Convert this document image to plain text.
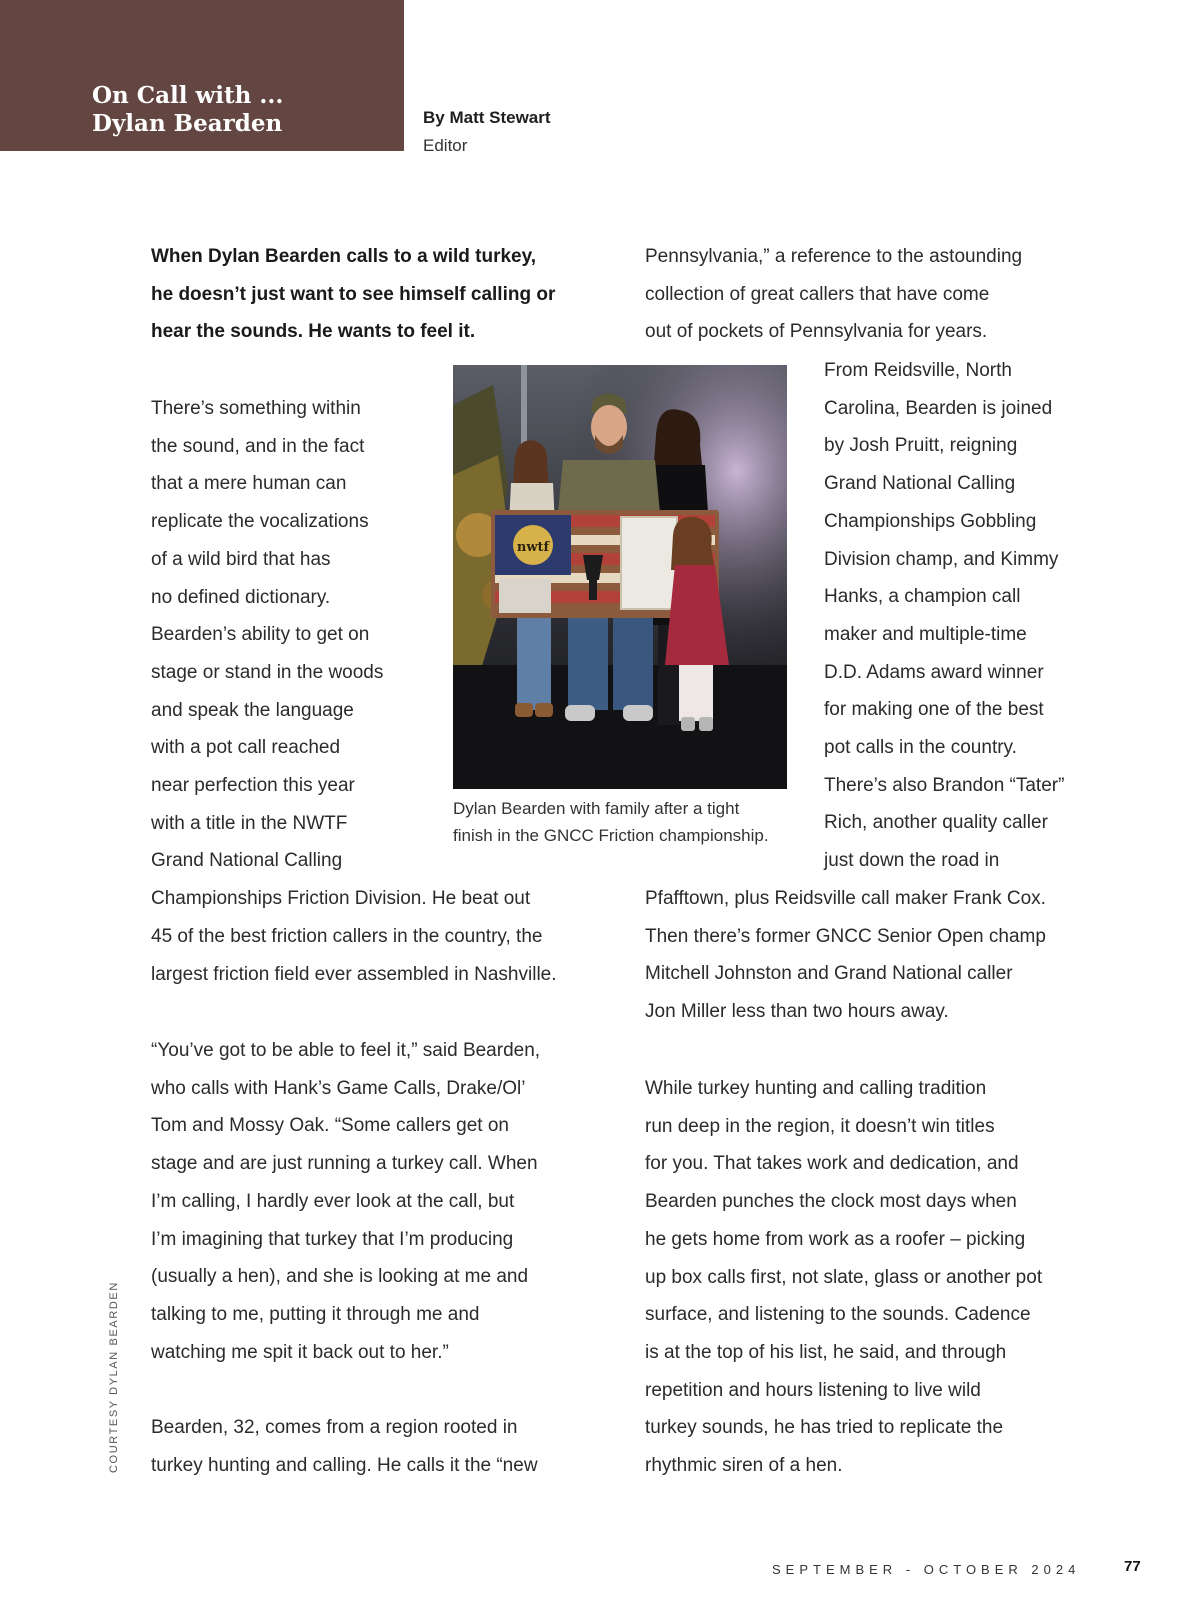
On Call with ...
Dylan Bearden	By Matt Stewart
Editor

When Dylan Bearden calls to a wild turkey,
he doesn’t just want to see himself calling or
hear the sounds. He wants to feel it.

There’s something within
the sound, and in the fact
that a mere human can
replicate the vocalizations
of a wild bird that has
no defined dictionary.
Bearden’s ability to get on
stage or stand in the woods
and speak the language
with a pot call reached
near perfection this year
with a title in the NWTF
Grand National Calling
Championships Friction Division. He beat out
45 of the best friction callers in the country, the
largest friction field ever assembled in Nashville.

“You’ve got to be able to feel it,” said Bearden,
who calls with Hank’s Game Calls, Drake/Ol’
Tom and Mossy Oak. “Some callers get on
stage and are just running a turkey call. When
I’m calling, I hardly ever look at the call, but
I’m imagining that turkey that I’m producing
(usually a hen), and she is looking at me and
talking to me, putting it through me and
watching me spit it back out to her.”

Bearden, 32, comes from a region rooted in
turkey hunting and calling. He calls it the “new

Pennsylvania,” a reference to the astounding
collection of great callers that have come
out of pockets of Pennsylvania for years.

From Reidsville, North
Carolina, Bearden is joined
by Josh Pruitt, reigning
Grand National Calling
Championships Gobbling
Division champ, and Kimmy
Hanks, a champion call
maker and multiple-time
D.D. Adams award winner
for making one of the best
pot calls in the country.
There’s also Brandon “Tater”
Rich, another quality caller
just down the road in

Pfafftown, plus Reidsville call maker Frank Cox.
Then there’s former GNCC Senior Open champ
Mitchell Johnston and Grand National caller
Jon Miller less than two hours away.

While turkey hunting and calling tradition
run deep in the region, it doesn’t win titles
for you. That takes work and dedication, and
Bearden punches the clock most days when
he gets home from work as a roofer – picking
up box calls first, not slate, glass or another pot
surface, and listening to the sounds. Cadence
is at the top of his list, he said, and through
repetition and hours listening to live wild
turkey sounds, he has tried to replicate the
rhythmic siren of a hen.

nwtf

Dylan Bearden with family after a tight
finish in the GNCC Friction championship.

COURTESY DYLAN BEARDEN

SEPTEMBER - OCTOBER 2024	77
